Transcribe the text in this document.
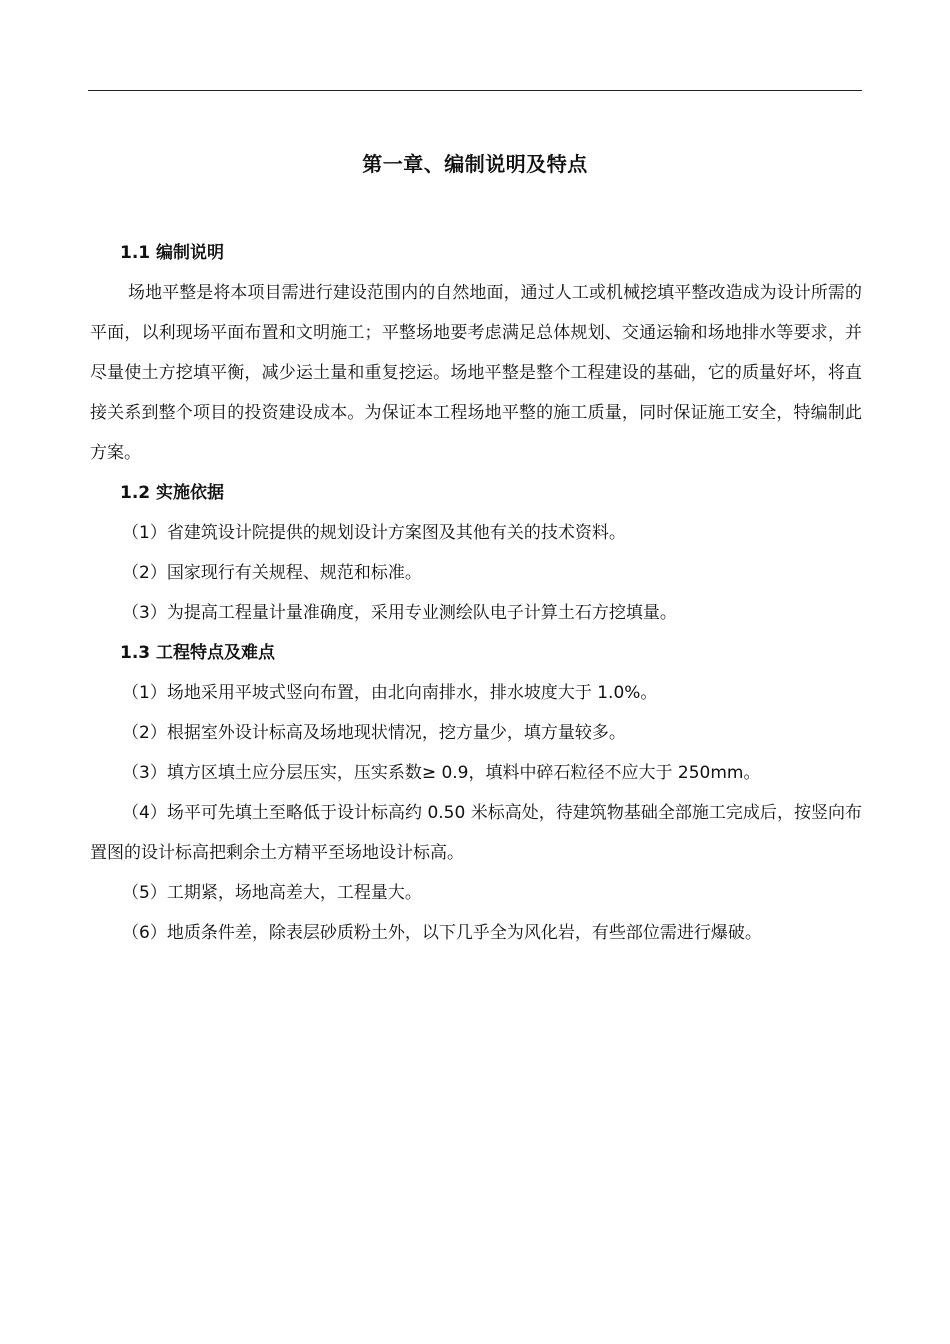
第一章、编制说明及特点
1.1 编制说明

场地平整是将本项目需进行建设范围内的自然地面，通过人工或机械挖填平整改造成为设计所需的平面，以利现场平面布置和文明施工；平整场地要考虑满足总体规划、交通运输和场地排水等要求，并尽量使土方挖填平衡，减少运土量和重复挖运。场地平整是整个工程建设的基础，它的质量好坏，将直接关系到整个项目的投资建设成本。为保证本工程场地平整的施工质量，同时保证施工安全，特编制此方案。

1.2 实施依据

（1）省建筑设计院提供的规划设计方案图及其他有关的技术资料。

（2）国家现行有关规程、规范和标准。

（3）为提高工程量计量准确度，采用专业测绘队电子计算土石方挖填量。

1.3 工程特点及难点

（1）场地采用平坡式竖向布置，由北向南排水，排水坡度大于 1.0%。

（2）根据室外设计标高及场地现状情况，挖方量少，填方量较多。

（3）填方区填土应分层压实，压实系数≥ 0.9，填料中碎石粒径不应大于 250mm。

（4）场平可先填土至略低于设计标高约 0.50 米标高处，待建筑物基础全部施工完成后，按竖向布置图的设计标高把剩余土方精平至场地设计标高。

（5）工期紧，场地高差大，工程量大。

（6）地质条件差，除表层砂质粉土外，以下几乎全为风化岩，有些部位需进行爆破。
